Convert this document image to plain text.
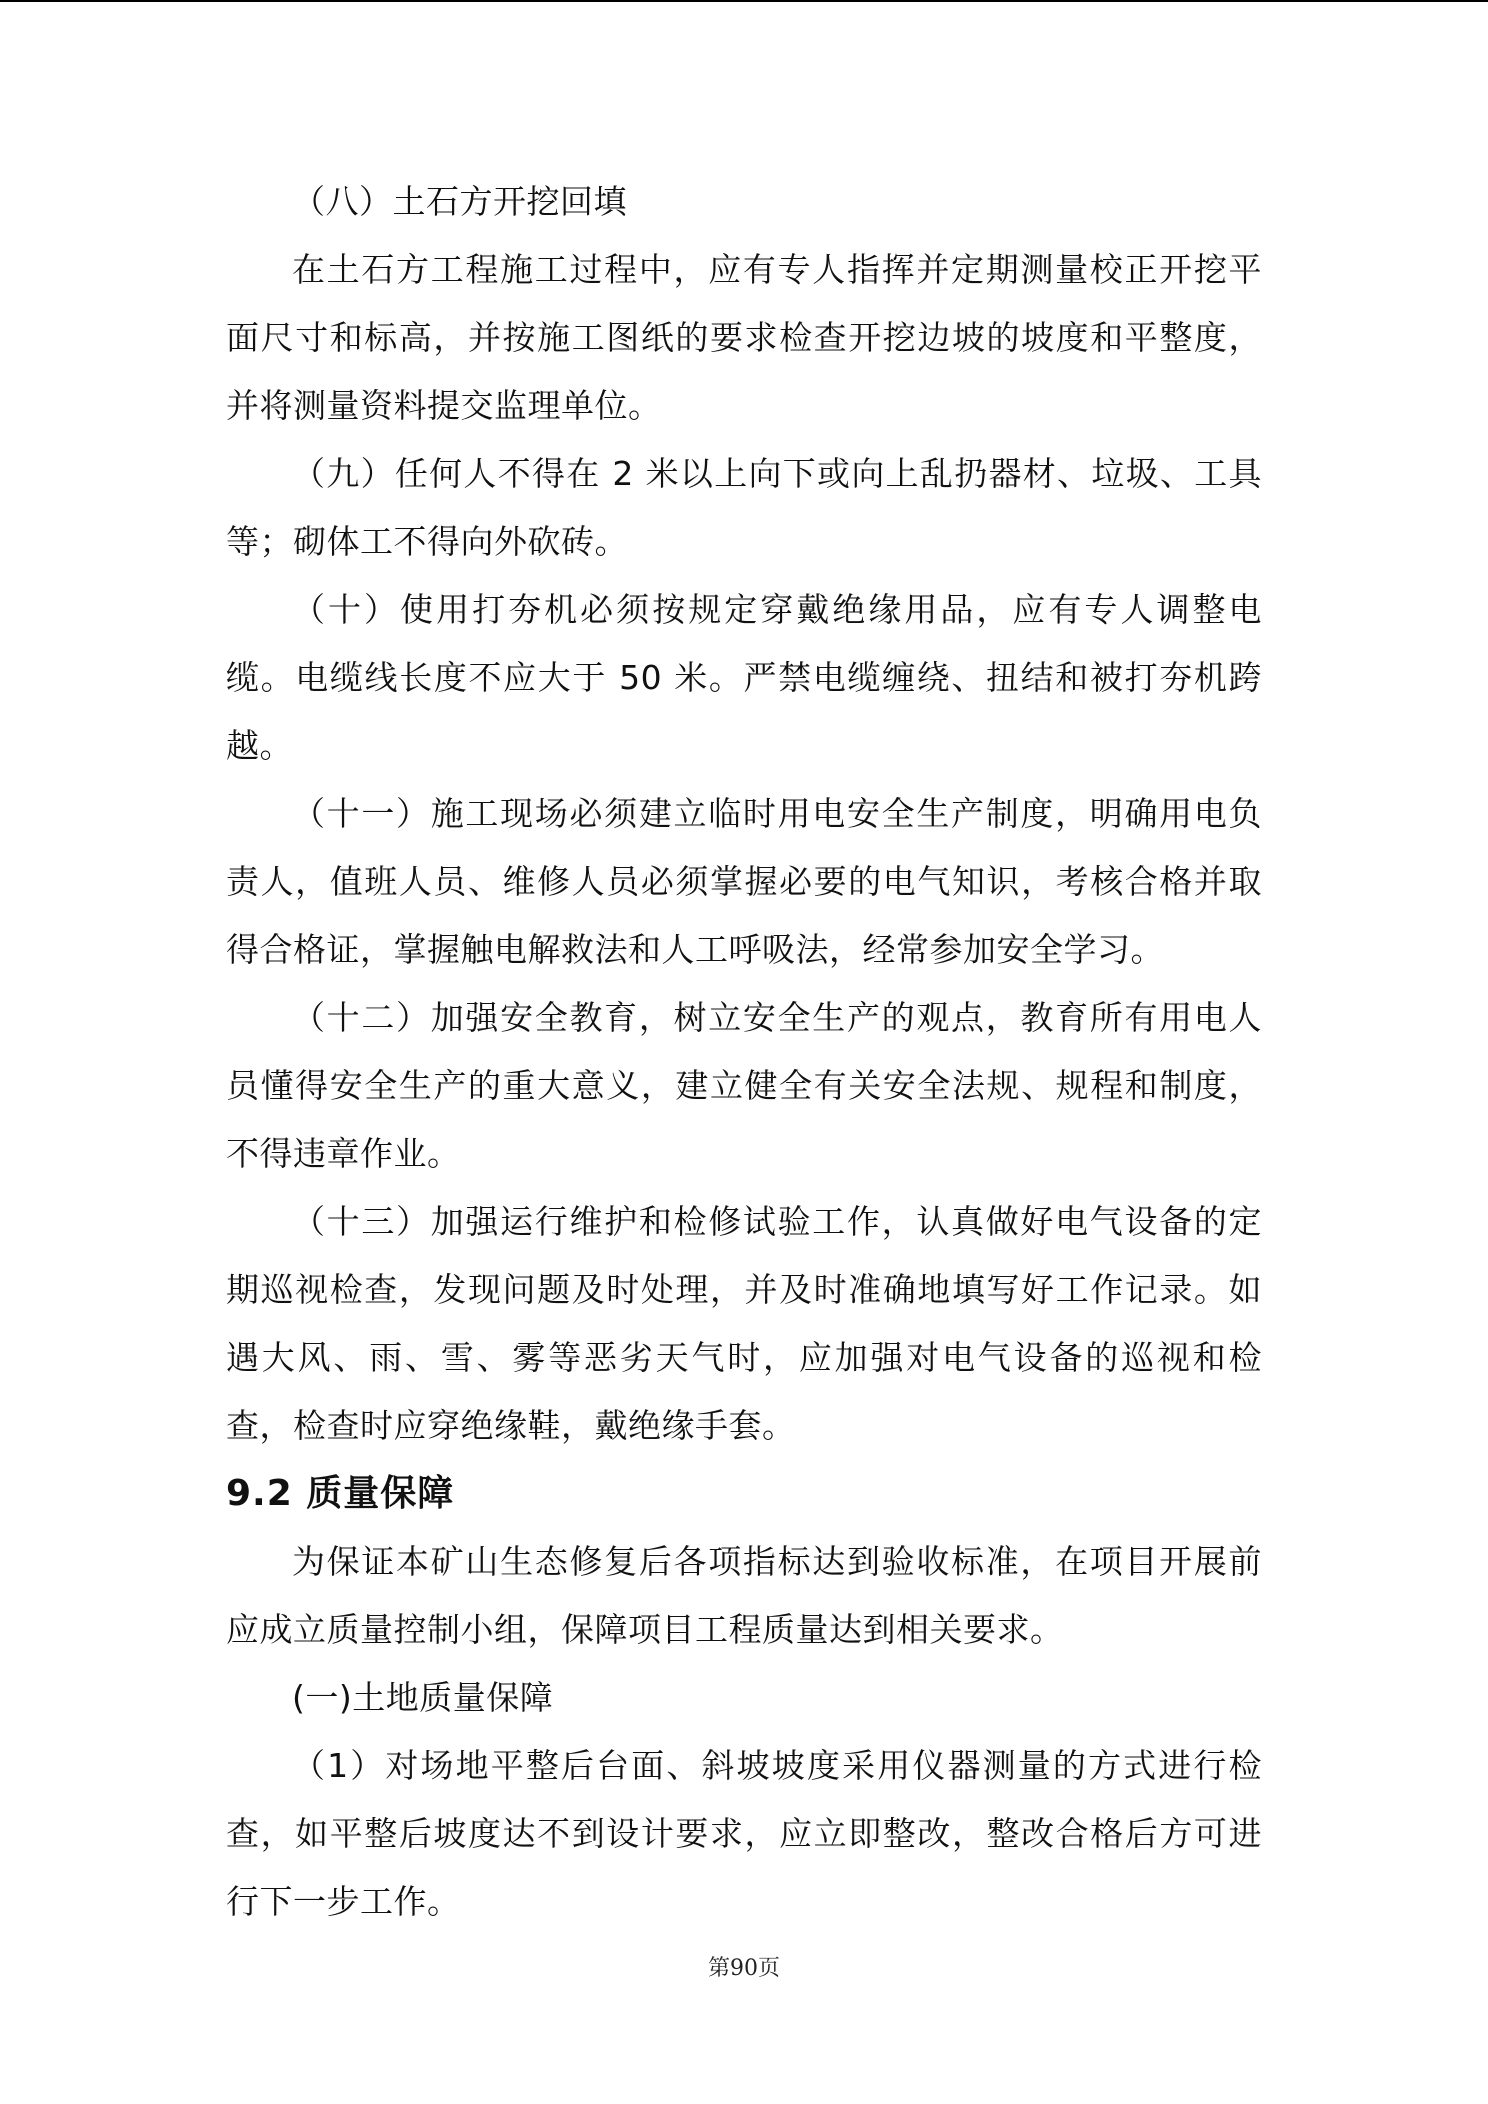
（八）土石方开挖回填

在土石方工程施工过程中，应有专人指挥并定期测量校正开挖平面尺寸和标高，并按施工图纸的要求检查开挖边坡的坡度和平整度，并将测量资料提交监理单位。

（九）任何人不得在 2 米以上向下或向上乱扔器材、垃圾、工具等；砌体工不得向外砍砖。

（十）使用打夯机必须按规定穿戴绝缘用品，应有专人调整电缆。电缆线长度不应大于 50 米。严禁电缆缠绕、扭结和被打夯机跨越。

（十一）施工现场必须建立临时用电安全生产制度，明确用电负责人，值班人员、维修人员必须掌握必要的电气知识，考核合格并取得合格证，掌握触电解救法和人工呼吸法，经常参加安全学习。

（十二）加强安全教育，树立安全生产的观点，教育所有用电人员懂得安全生产的重大意义，建立健全有关安全法规、规程和制度，不得违章作业。

（十三）加强运行维护和检修试验工作，认真做好电气设备的定期巡视检查，发现问题及时处理，并及时准确地填写好工作记录。如遇大风、雨、雪、雾等恶劣天气时，应加强对电气设备的巡视和检查，检查时应穿绝缘鞋，戴绝缘手套。

9.2 质量保障

为保证本矿山生态修复后各项指标达到验收标准，在项目开展前应成立质量控制小组，保障项目工程质量达到相关要求。

(一)土地质量保障

（1）对场地平整后台面、斜坡坡度采用仪器测量的方式进行检查，如平整后坡度达不到设计要求，应立即整改，整改合格后方可进行下一步工作。

第90页
